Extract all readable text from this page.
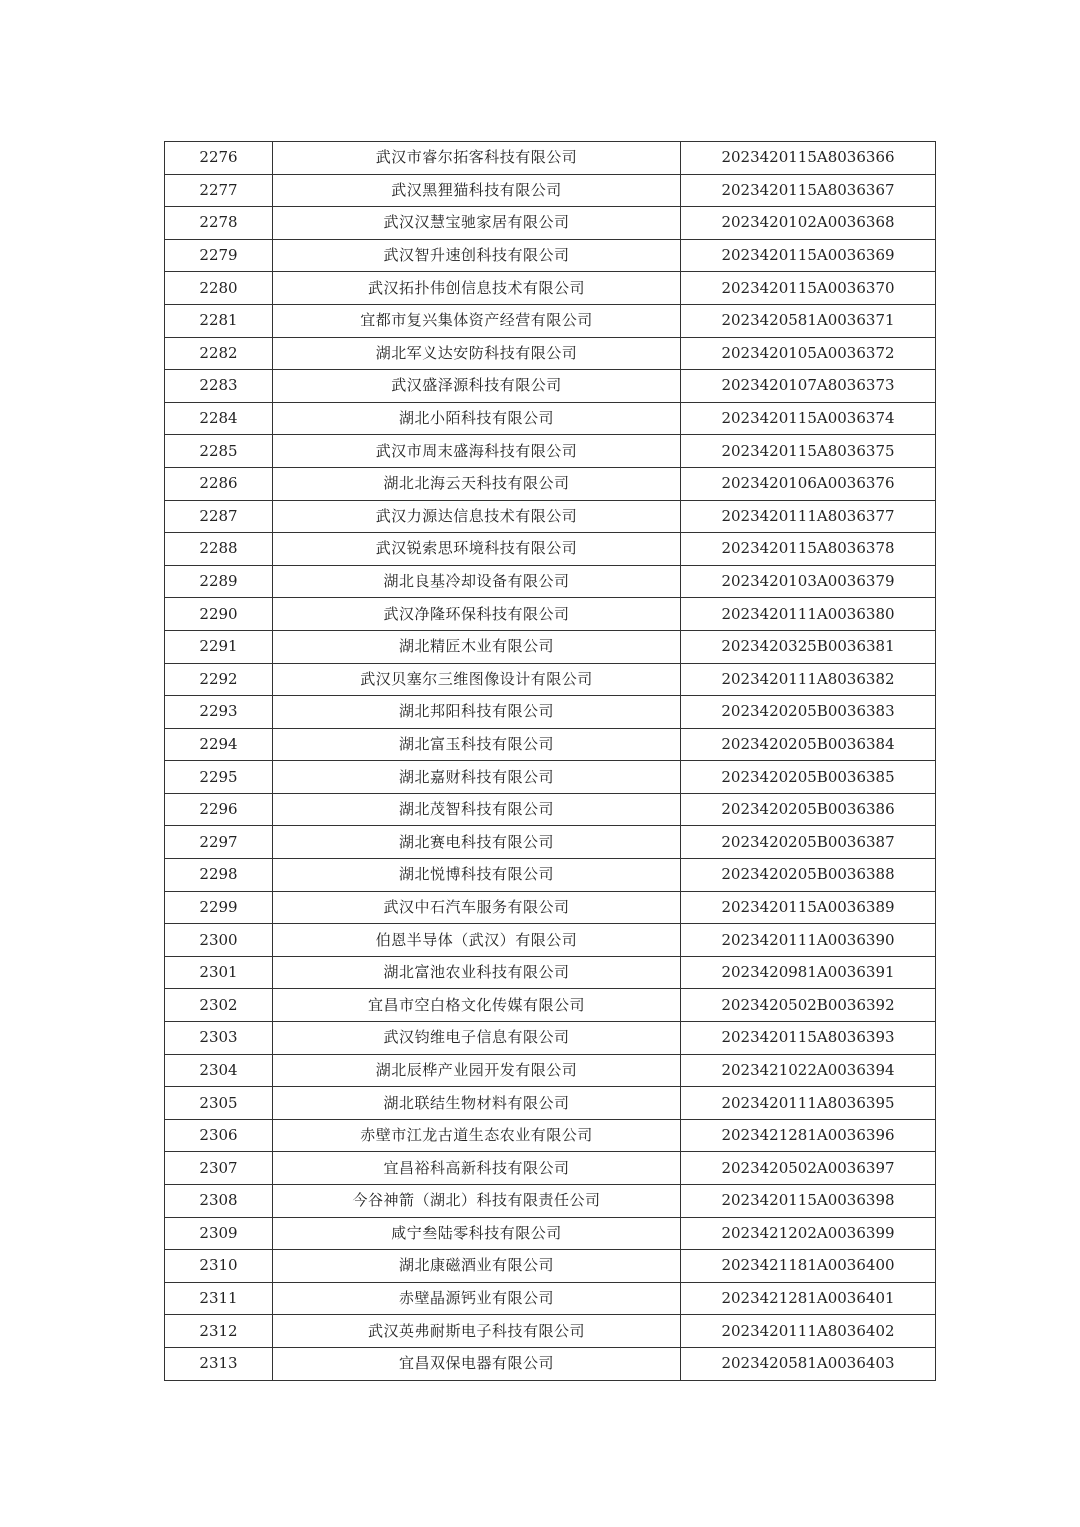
2276	武汉市睿尔拓客科技有限公司	2023420115A8036366
2277	武汉黑狸猫科技有限公司	2023420115A8036367
2278	武汉汉慧宝驰家居有限公司	2023420102A0036368
2279	武汉智升速创科技有限公司	2023420115A0036369
2280	武汉拓扑伟创信息技术有限公司	2023420115A0036370
2281	宜都市复兴集体资产经营有限公司	2023420581A0036371
2282	湖北军义达安防科技有限公司	2023420105A0036372
2283	武汉盛泽源科技有限公司	2023420107A8036373
2284	湖北小陌科技有限公司	2023420115A0036374
2285	武汉市周末盛海科技有限公司	2023420115A8036375
2286	湖北北海云天科技有限公司	2023420106A0036376
2287	武汉力源达信息技术有限公司	2023420111A8036377
2288	武汉锐索思环境科技有限公司	2023420115A8036378
2289	湖北良基冷却设备有限公司	2023420103A0036379
2290	武汉净隆环保科技有限公司	2023420111A0036380
2291	湖北精匠木业有限公司	2023420325B0036381
2292	武汉贝塞尔三维图像设计有限公司	2023420111A8036382
2293	湖北邦阳科技有限公司	2023420205B0036383
2294	湖北富玉科技有限公司	2023420205B0036384
2295	湖北嘉财科技有限公司	2023420205B0036385
2296	湖北茂智科技有限公司	2023420205B0036386
2297	湖北赛电科技有限公司	2023420205B0036387
2298	湖北悦博科技有限公司	2023420205B0036388
2299	武汉中石汽车服务有限公司	2023420115A0036389
2300	伯恩半导体（武汉）有限公司	2023420111A0036390
2301	湖北富池农业科技有限公司	2023420981A0036391
2302	宜昌市空白格文化传媒有限公司	2023420502B0036392
2303	武汉钧维电子信息有限公司	2023420115A8036393
2304	湖北辰桦产业园开发有限公司	2023421022A0036394
2305	湖北联结生物材料有限公司	2023420111A8036395
2306	赤壁市江龙古道生态农业有限公司	2023421281A0036396
2307	宜昌裕科高新科技有限公司	2023420502A0036397
2308	今谷神箭（湖北）科技有限责任公司	2023420115A0036398
2309	咸宁叁陆零科技有限公司	2023421202A0036399
2310	湖北康磁酒业有限公司	2023421181A0036400
2311	赤壁晶源钙业有限公司	2023421281A0036401
2312	武汉英弗耐斯电子科技有限公司	2023420111A8036402
2313	宜昌双保电器有限公司	2023420581A0036403
